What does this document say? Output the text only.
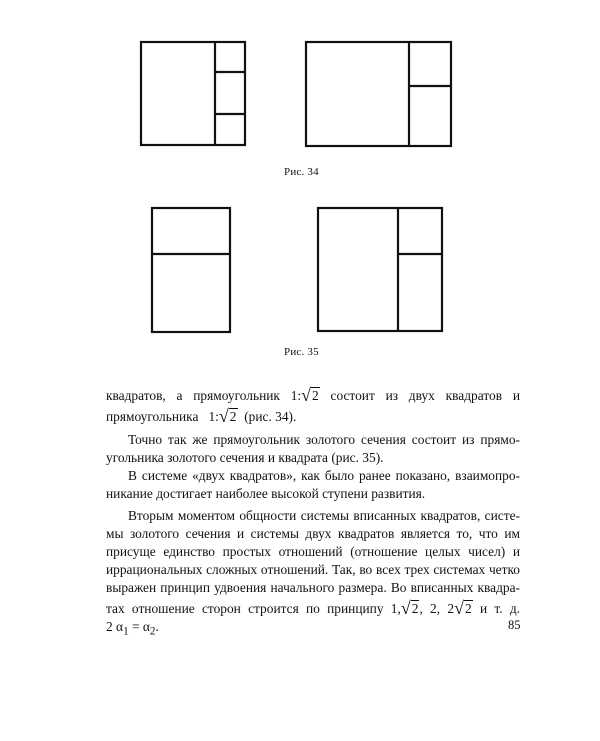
Рис. 34
Рис. 35
квадратов, а прямоугольник 1:√2 состоит из двух квадратов и
прямоугольника 1:√2 (рис. 34).
Точно так же прямоугольник золотого сечения состоит из прямо-
угольника золотого сечения и квадрата (рис. 35).
В системе «двух квадратов», как было ранее показано, взаимопро-
никание достигает наиболее высокой ступени развития.
Вторым моментом общности системы вписанных квадратов, систе-
мы золотого сечения и системы двух квадратов является то, что им
присуще единство простых отношений (отношение целых чисел) и
иррациональных сложных отношений. Так, во всех трех системах четко
выражен принцип удвоения начального размера. Во вписанных квадра-
тах отношение сторон строится по принципу 1,√2, 2, 2√2 и т. д.
2 $\alpha_1 = \alpha_2$.	85
